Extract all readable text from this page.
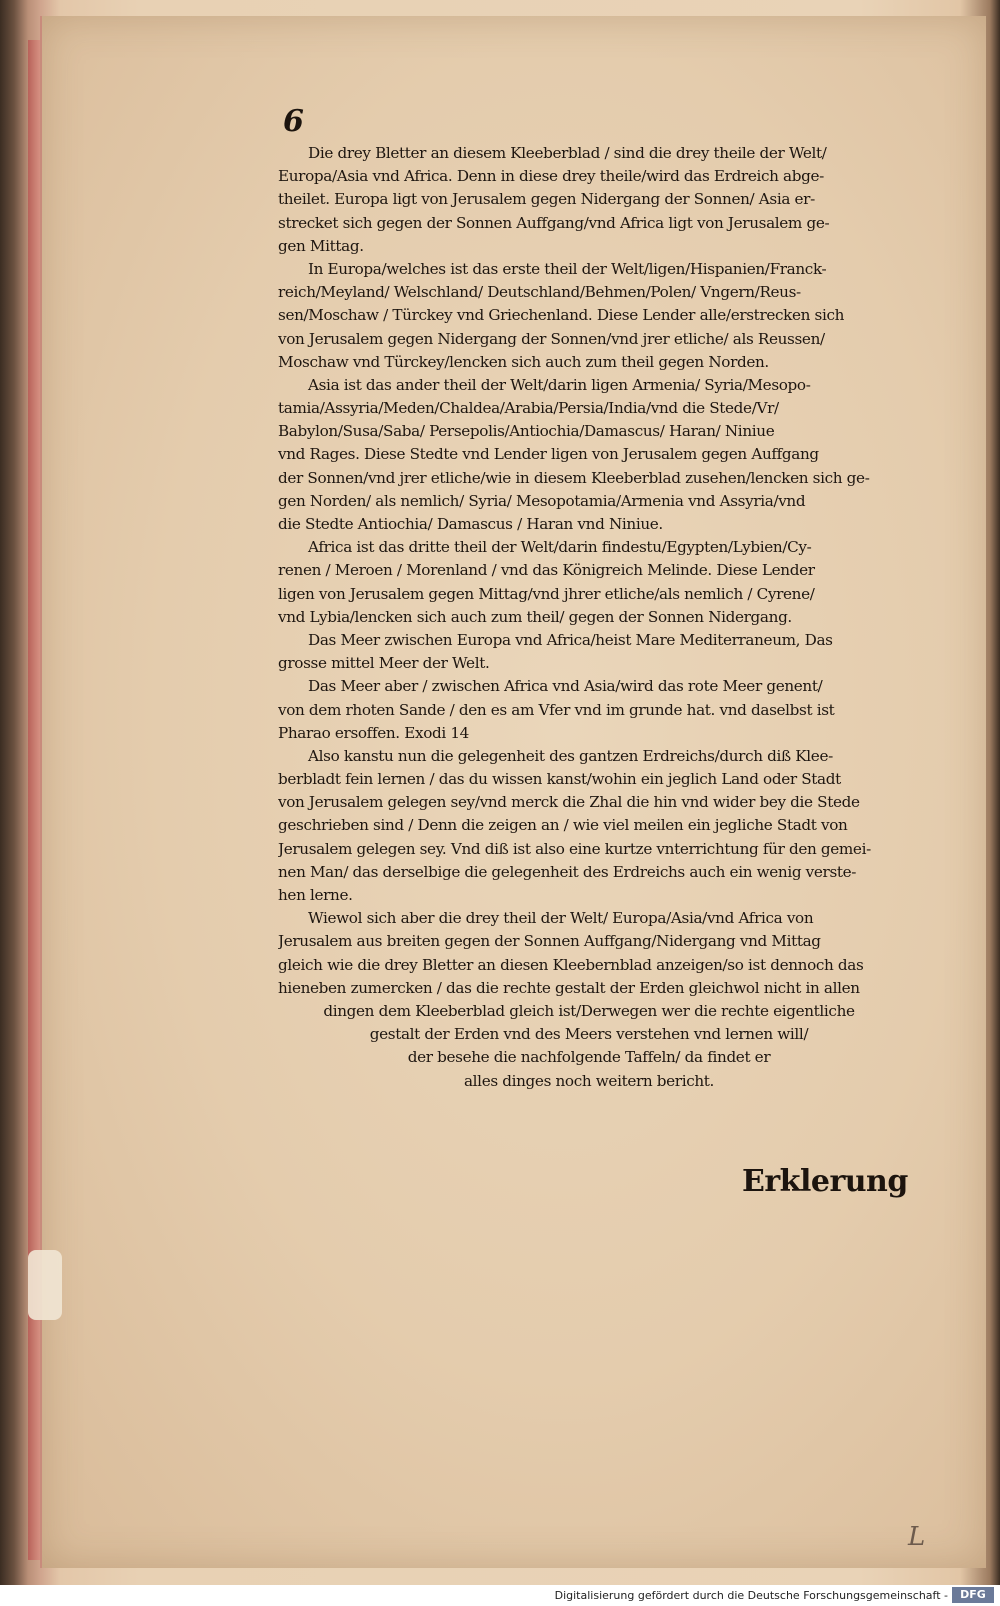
6
Die drey Bletter an diesem Kleeberblad / sind die drey theile der Welt/
Europa/Asia vnd Africa. Denn in diese drey theile/wird das Erdreich abge-
theilet. Europa ligt von Jerusalem gegen Nidergang der Sonnen/ Asia er-
strecket sich gegen der Sonnen Auffgang/vnd Africa ligt von Jerusalem ge-
gen Mittag.
In Europa/welches ist das erste theil der Welt/ligen/Hispanien/Franck-
reich/Meyland/ Welschland/ Deutschland/Behmen/Polen/ Vngern/Reus-
sen/Moschaw / Türckey vnd Griechenland. Diese Lender alle/erstrecken sich
von Jerusalem gegen Nidergang der Sonnen/vnd jrer etliche/ als Reussen/
Moschaw vnd Türckey/lencken sich auch zum theil gegen Norden.
Asia ist das ander theil der Welt/darin ligen Armenia/ Syria/Mesopo-
tamia/Assyria/Meden/Chaldea/Arabia/Persia/India/vnd die Stede/Vr/
Babylon/Susa/Saba/ Persepolis/Antiochia/Damascus/ Haran/ Niniue
vnd Rages. Diese Stedte vnd Lender ligen von Jerusalem gegen Auffgang
der Sonnen/vnd jrer etliche/wie in diesem Kleeberblad zusehen/lencken sich ge-
gen Norden/ als nemlich/ Syria/ Mesopotamia/Armenia vnd Assyria/vnd
die Stedte Antiochia/ Damascus / Haran vnd Niniue.
Africa ist das dritte theil der Welt/darin findestu/Egypten/Lybien/Cy-
renen / Meroen / Morenland / vnd das Königreich Melinde. Diese Lender
ligen von Jerusalem gegen Mittag/vnd jhrer etliche/als nemlich / Cyrene/
vnd Lybia/lencken sich auch zum theil/ gegen der Sonnen Nidergang.
Das Meer zwischen Europa vnd Africa/heist Mare Mediterraneum, Das
grosse mittel Meer der Welt.
Das Meer aber / zwischen Africa vnd Asia/wird das rote Meer genent/
von dem rhoten Sande / den es am Vfer vnd im grunde hat. vnd daselbst ist
Pharao ersoffen. Exodi 14
Also kanstu nun die gelegenheit des gantzen Erdreichs/durch diß Klee-
berbladt fein lernen / das du wissen kanst/wohin ein jeglich Land oder Stadt
von Jerusalem gelegen sey/vnd merck die Zhal die hin vnd wider bey die Stede
geschrieben sind / Denn die zeigen an / wie viel meilen ein jegliche Stadt von
Jerusalem gelegen sey. Vnd diß ist also eine kurtze vnterrichtung für den gemei-
nen Man/ das derselbige die gelegenheit des Erdreichs auch ein wenig verste-
hen lerne.
Wiewol sich aber die drey theil der Welt/ Europa/Asia/vnd Africa von
Jerusalem aus breiten gegen der Sonnen Auffgang/Nidergang vnd Mittag
gleich wie die drey Bletter an diesen Kleebernblad anzeigen/so ist dennoch das
hieneben zumercken / das die rechte gestalt der Erden gleichwol nicht in allen
dingen dem Kleeberblad gleich ist/Derwegen wer die rechte eigentliche
gestalt der Erden vnd des Meers verstehen vnd lernen will/
der besehe die nachfolgende Taffeln/ da findet er
alles dinges noch weitern bericht.
Erklerung
L
Digitalisierung gefördert durch die Deutsche Forschungsgemeinschaft -	DFG
